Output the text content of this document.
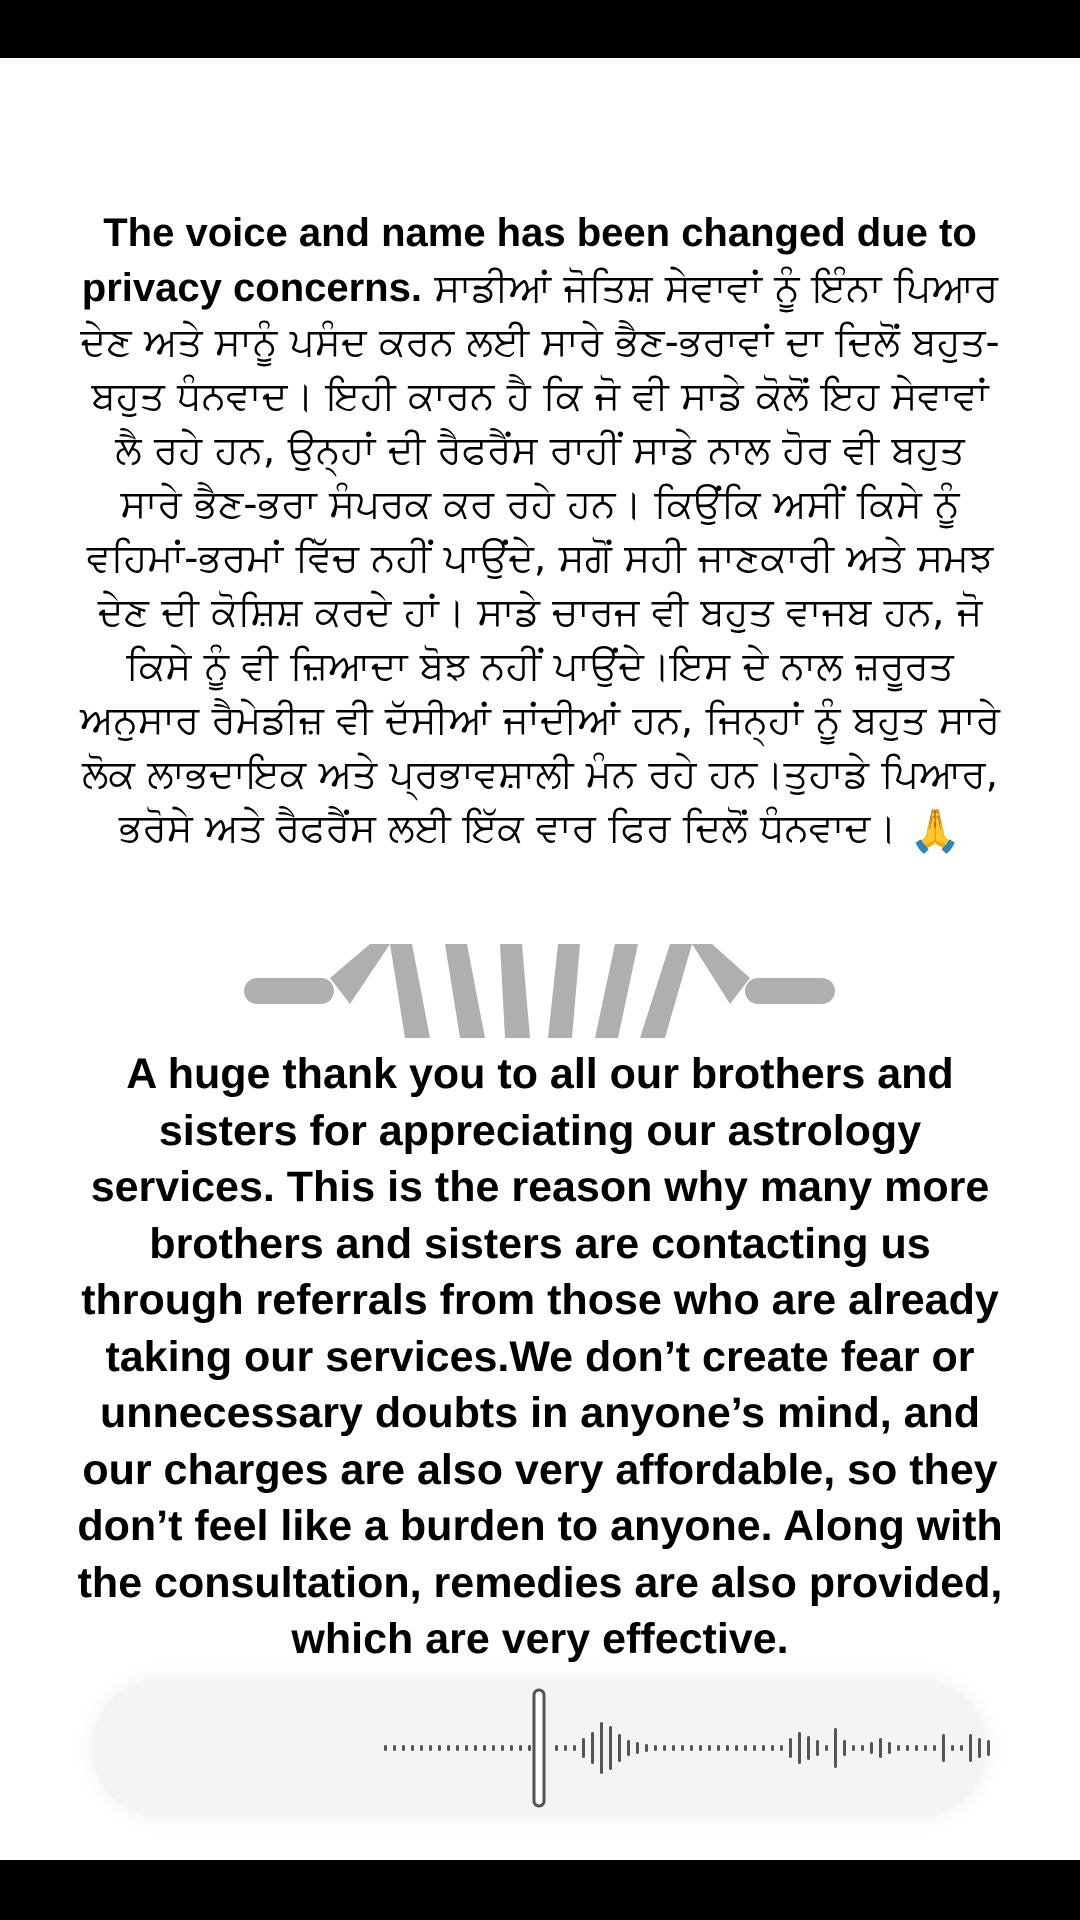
The voice and name has been changed due to privacy concerns. ਸਾਡੀਆਂ ਜੋਤਿਸ਼ ਸੇਵਾਵਾਂ ਨੂੰ ਇੰਨਾ ਪਿਆਰ ਦੇਣ ਅਤੇ ਸਾਨੂੰ ਪਸੰਦ ਕਰਨ ਲਈ ਸਾਰੇ ਭੈਣ-ਭਰਾਵਾਂ ਦਾ ਦਿਲੋਂ ਬਹੁਤ-ਬਹੁਤ ਧੰਨਵਾਦ। ਇਹੀ ਕਾਰਨ ਹੈ ਕਿ ਜੋ ਵੀ ਸਾਡੇ ਕੋਲੋਂ ਇਹ ਸੇਵਾਵਾਂ ਲੈ ਰਹੇ ਹਨ, ਉਨ੍ਹਾਂ ਦੀ ਰੈਫਰੈਂਸ ਰਾਹੀਂ ਸਾਡੇ ਨਾਲ ਹੋਰ ਵੀ ਬਹੁਤ ਸਾਰੇ ਭੈਣ-ਭਰਾ ਸੰਪਰਕ ਕਰ ਰਹੇ ਹਨ। ਕਿਉਂਕਿ ਅਸੀਂ ਕਿਸੇ ਨੂੰ ਵਹਿਮਾਂ-ਭਰਮਾਂ ਵਿੱਚ ਨਹੀਂ ਪਾਉਂਦੇ, ਸਗੋਂ ਸਹੀ ਜਾਣਕਾਰੀ ਅਤੇ ਸਮਝ ਦੇਣ ਦੀ ਕੋਸ਼ਿਸ਼ ਕਰਦੇ ਹਾਂ। ਸਾਡੇ ਚਾਰਜ ਵੀ ਬਹੁਤ ਵਾਜਬ ਹਨ, ਜੋ ਕਿਸੇ ਨੂੰ ਵੀ ਜ਼ਿਆਦਾ ਬੋਝ ਨਹੀਂ ਪਾਉਂਦੇ।ਇਸ ਦੇ ਨਾਲ ਜ਼ਰੂਰਤ ਅਨੁਸਾਰ ਰੈਮੇਡੀਜ਼ ਵੀ ਦੱਸੀਆਂ ਜਾਂਦੀਆਂ ਹਨ, ਜਿਨ੍ਹਾਂ ਨੂੰ ਬਹੁਤ ਸਾਰੇ ਲੋਕ ਲਾਭਦਾਇਕ ਅਤੇ ਪ੍ਰਭਾਵਸ਼ਾਲੀ ਮੰਨ ਰਹੇ ਹਨ।ਤੁਹਾਡੇ ਪਿਆਰ, ਭਰੋਸੇ ਅਤੇ ਰੈਫਰੈਂਸ ਲਈ ਇੱਕ ਵਾਰ ਫਿਰ ਦਿਲੋਂ ਧੰਨਵਾਦ। 🙏
A huge thank you to all our brothers and sisters for appreciating our astrology services. This is the reason why many more brothers and sisters are contacting us through referrals from those who are already taking our services.We don’t create fear or unnecessary doubts in anyone’s mind, and our charges are also very affordable, so they don’t feel like a burden to anyone. Along with the consultation, remedies are also provided, which are very effective.
